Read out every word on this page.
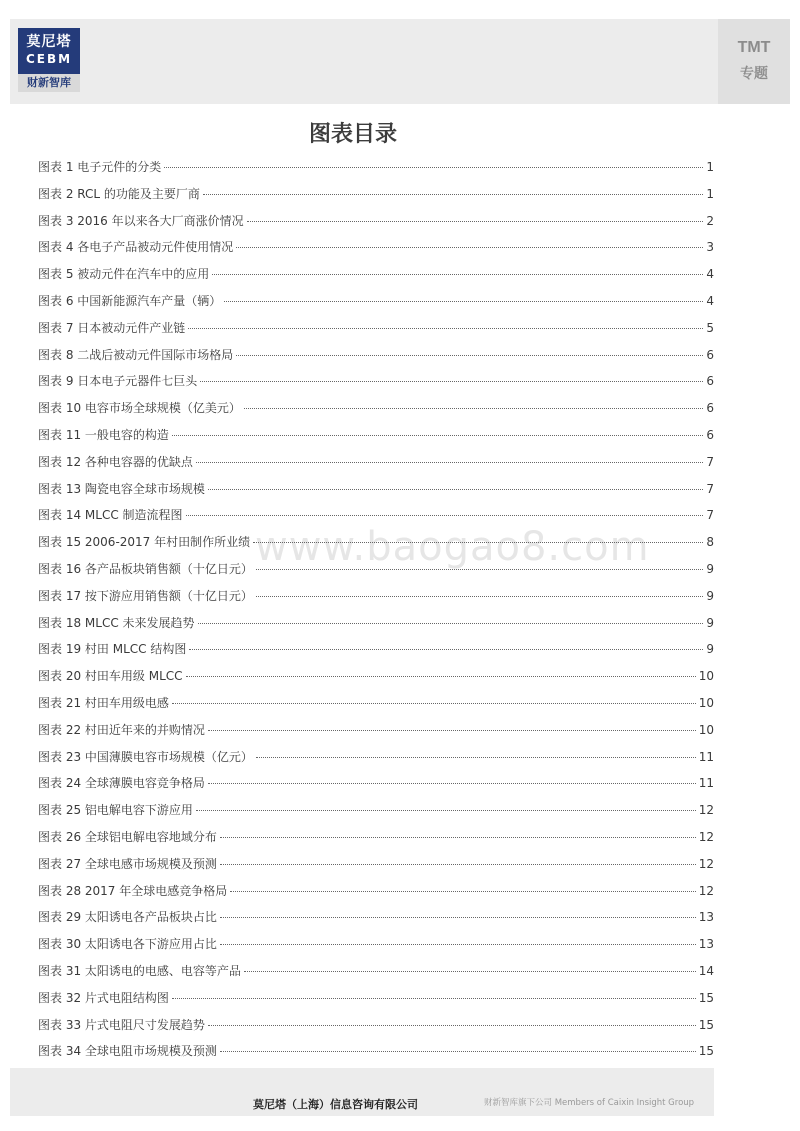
莫尼塔
CEBM
财新智库
TMT
专题
www.baogao8.com
图表目录
图表 1 电子元件的分类	1
图表 2 RCL 的功能及主要厂商	1
图表 3 2016 年以来各大厂商涨价情况	2
图表 4 各电子产品被动元件使用情况	3
图表 5 被动元件在汽车中的应用	4
图表 6 中国新能源汽车产量（辆）	4
图表 7 日本被动元件产业链	5
图表 8 二战后被动元件国际市场格局	6
图表 9 日本电子元器件七巨头	6
图表 10 电容市场全球规模（亿美元）	6
图表 11 一般电容的构造	6
图表 12 各种电容器的优缺点	7
图表 13 陶瓷电容全球市场规模	7
图表 14 MLCC 制造流程图	7
图表 15 2006-2017 年村田制作所业绩	8
图表 16 各产品板块销售额（十亿日元）	9
图表 17 按下游应用销售额（十亿日元）	9
图表 18 MLCC 未来发展趋势	9
图表 19 村田 MLCC 结构图	9
图表 20 村田车用级 MLCC	10
图表 21 村田车用级电感	10
图表 22 村田近年来的并购情况	10
图表 23 中国薄膜电容市场规模（亿元）	11
图表 24 全球薄膜电容竞争格局	11
图表 25 铝电解电容下游应用	12
图表 26 全球铝电解电容地域分布	12
图表 27 全球电感市场规模及预测	12
图表 28 2017 年全球电感竞争格局	12
图表 29 太阳诱电各产品板块占比	13
图表 30 太阳诱电各下游应用占比	13
图表 31 太阳诱电的电感、电容等产品	14
图表 32 片式电阻结构图	15
图表 33 片式电阻尺寸发展趋势	15
图表 34 全球电阻市场规模及预测	15
莫尼塔（上海）信息咨询有限公司	财新智库旗下公司 Members of Caixin Insight Group
